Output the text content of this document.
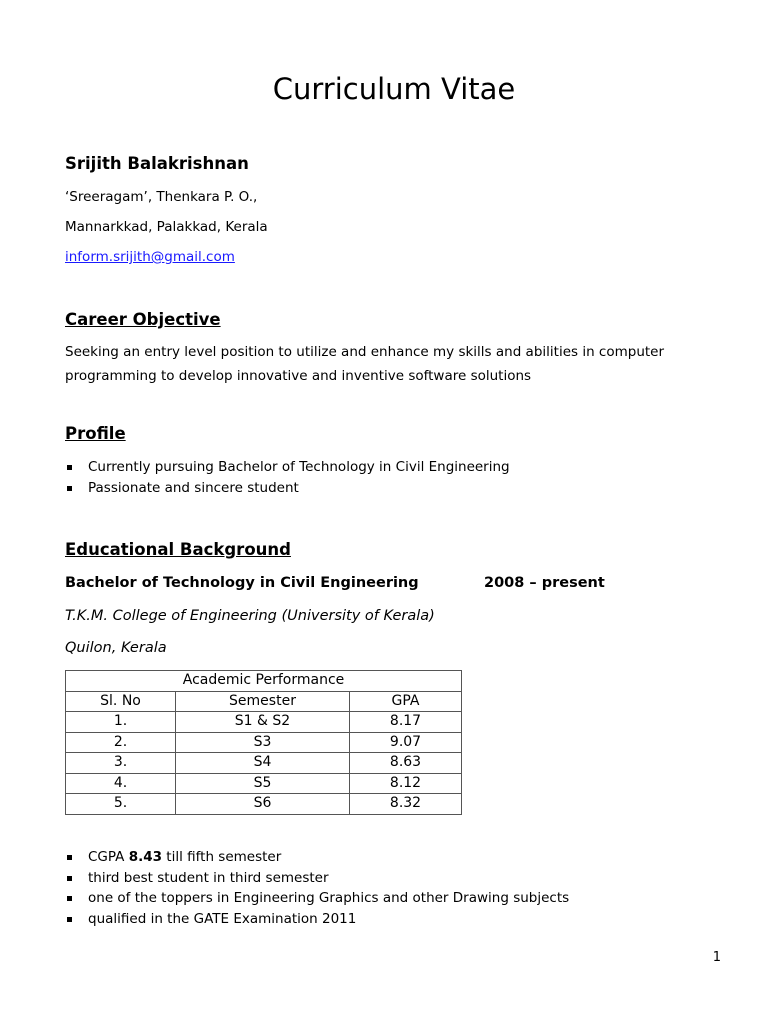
Curriculum Vitae
Srijith Balakrishnan
‘Sreeragam’, Thenkara P. O.,
Mannarkkad, Palakkad, Kerala
inform.srijith@gmail.com
Career Objective
Seeking an entry level position to utilize and enhance my skills and abilities in computer
programming to develop innovative and inventive software solutions
Profile
Currently pursuing Bachelor of Technology in Civil Engineering
Passionate and sincere student
Educational Background
Bachelor of Technology in Civil Engineering	2008 – present
T.K.M. College of Engineering (University of Kerala)
Quilon, Kerala
Academic Performance		
Sl. No	Semester	GPA
1.	S1 & S2	8.17
2.	S3	9.07
3.	S4	8.63
4.	S5	8.12
5.	S6	8.32
CGPA 8.43 till fifth semester
third best student in third semester
one of the toppers in Engineering Graphics and other Drawing subjects
qualified in the GATE Examination 2011
1
